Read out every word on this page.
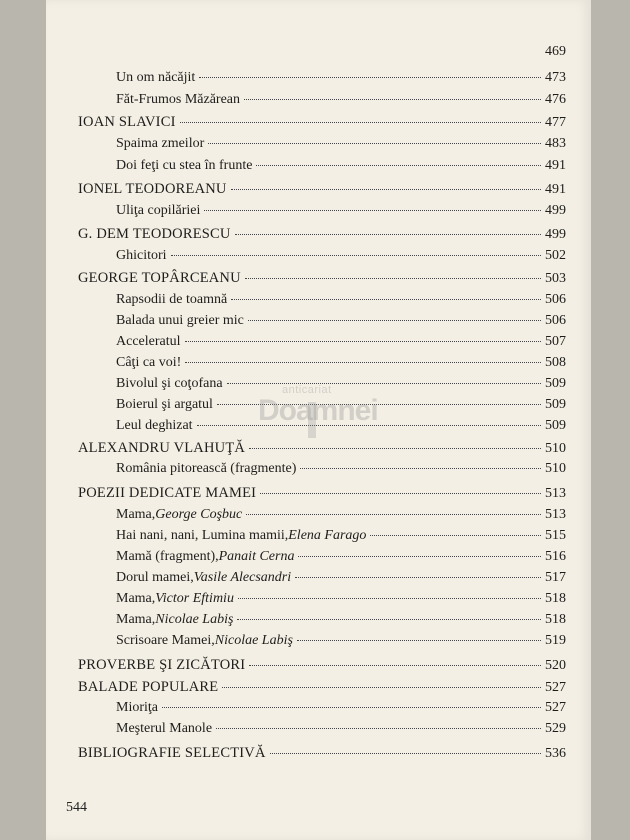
469
Un om năcăjit	473
Făt-Frumos Măzărean	476
IOAN SLAVICI	477
Spaima zmeilor	483
Doi feţi cu stea în frunte	491
IONEL TEODOREANU	491
Uliţa copilăriei	499
G. DEM TEODORESCU	499
Ghicitori	502
GEORGE TOPÂRCEANU	503
Rapsodii de toamnă	506
Balada unui greier mic	506
Acceleratul	507
Câţi ca voi!	508
Bivolul şi coţofana	509
Boierul şi argatul	509
Leul deghizat	509
ALEXANDRU VLAHUŢĂ	510
România pitorească (fragmente)	510
POEZII DEDICATE MAMEI	513
Mama, George Coşbuc	513
Hai nani, nani, Lumina mamii, Elena Farago	515
Mamă (fragment), Panait Cerna	516
Dorul mamei, Vasile Alecsandri	517
Mama, Victor Eftimiu	518
Mama, Nicolae Labiş	518
Scrisoare Mamei, Nicolae Labiş	519
PROVERBE ŞI ZICĂTORI	520
BALADE POPULARE	527
Mioriţa	527
Meşterul Manole	529
BIBLIOGRAFIE SELECTIVĂ	536
544
anticariat
Doamnei
